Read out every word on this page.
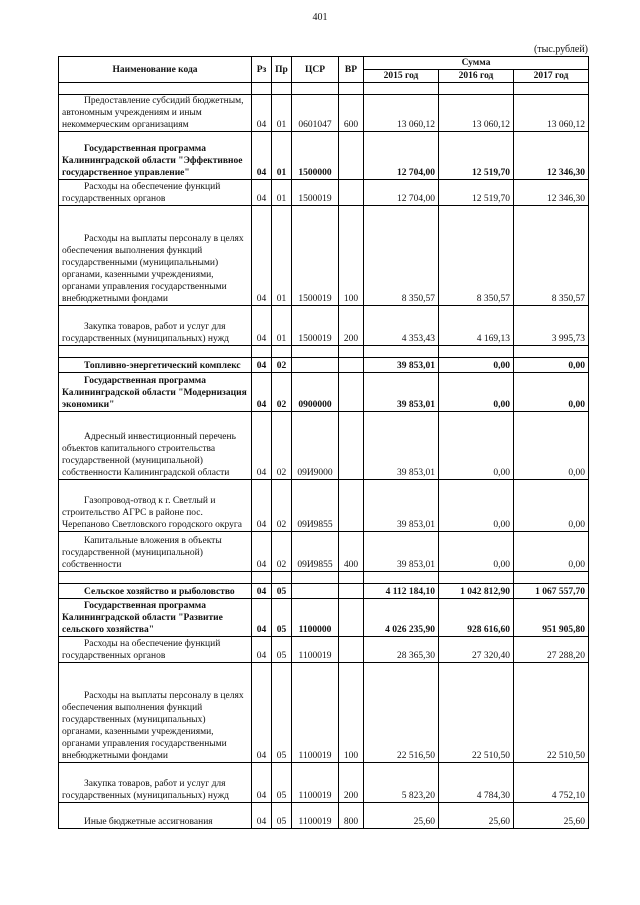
401
(тыс.рублей)
Наименование кода	Рз	Пр	ЦСР	ВР	Сумма		
					2015 год	2016 год	2017 год

Предоставление субсидий бюджетным, автономным учреждениям и иным некоммерческим организациям	04	01	0601047	600	13 060,12	13 060,12	13 060,12
Государственная программа Калининградской области "Эффективное государственное управление"	04	01	1500000		12 704,00	12 519,70	12 346,30
Расходы на обеспечение функций государственных органов	04	01	1500019		12 704,00	12 519,70	12 346,30
Расходы на выплаты персоналу в целях обеспечения выполнения функций государственными (муниципальными) органами, казенными учреждениями, органами управления государственными внебюджетными фондами	04	01	1500019	100	8 350,57	8 350,57	8 350,57
Закупка товаров, работ и услуг для государственных (муниципальных) нужд	04	01	1500019	200	4 353,43	4 169,13	3 995,73

Топливно-энергетический комплекс	04	02			39 853,01	0,00	0,00
Государственная программа Калининградской области "Модернизация экономики"	04	02	0900000		39 853,01	0,00	0,00
Адресный инвестиционный перечень объектов капитального строительства государственной (муниципальной) собственности Калининградской области	04	02	09И9000		39 853,01	0,00	0,00
Газопровод-отвод к г. Светлый и строительство АГРС в районе пос. Черепаново Светловского городского округа	04	02	09И9855		39 853,01	0,00	0,00
Капитальные вложения в объекты государственной (муниципальной) собственности	04	02	09И9855	400	39 853,01	0,00	0,00

Сельское хозяйство и рыболовство	04	05			4 112 184,10	1 042 812,90	1 067 557,70
Государственная программа Калининградской области "Развитие сельского хозяйства"	04	05	1100000		4 026 235,90	928 616,60	951 905,80
Расходы на обеспечение функций государственных органов	04	05	1100019		28 365,30	27 320,40	27 288,20
Расходы на выплаты персоналу в целях обеспечения выполнения функций государственных (муниципальных) органами, казенными учреждениями, органами управления государственными внебюджетными фондами	04	05	1100019	100	22 516,50	22 510,50	22 510,50
Закупка товаров, работ и услуг для государственных (муниципальных) нужд	04	05	1100019	200	5 823,20	4 784,30	4 752,10
Иные бюджетные ассигнования	04	05	1100019	800	25,60	25,60	25,60
